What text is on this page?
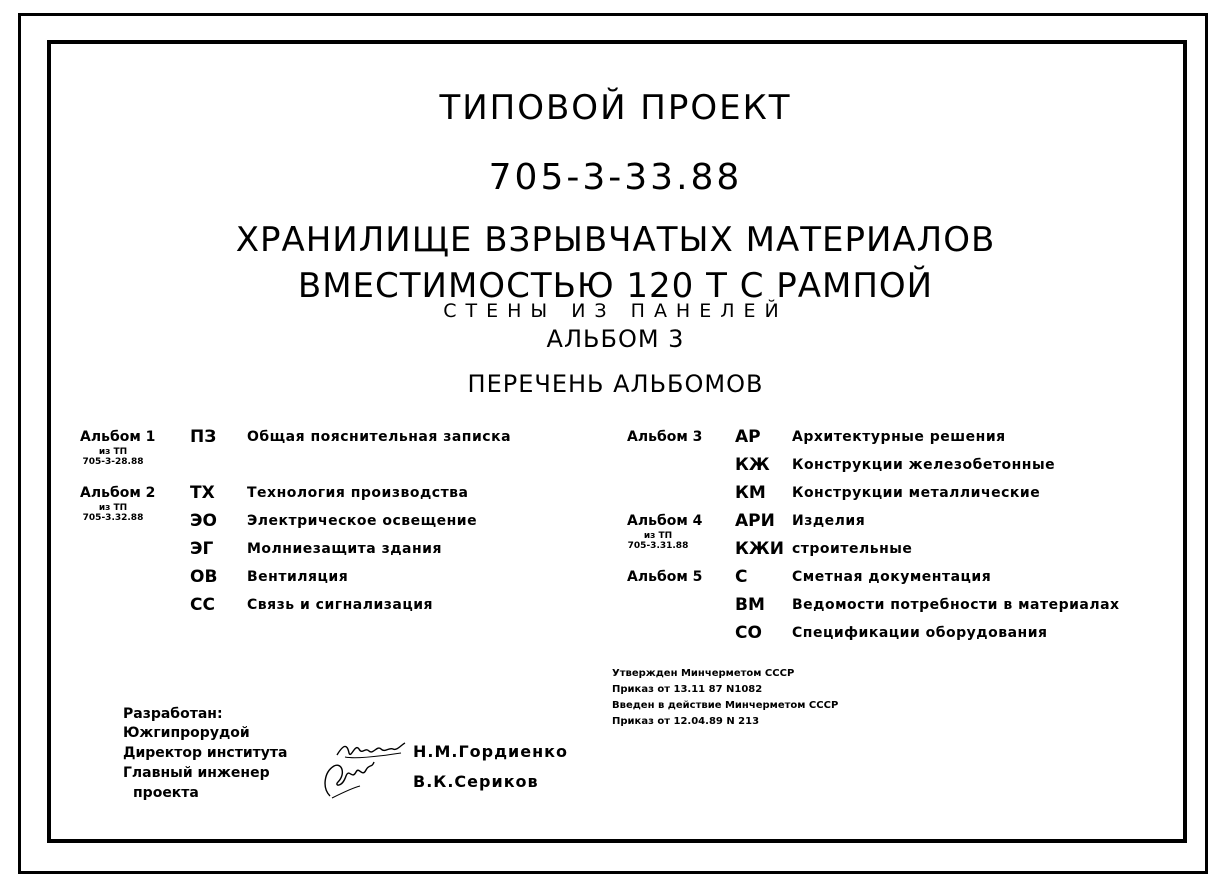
ТИПОВОЙ ПРОЕКТ
705-3-33.88
ХРАНИЛИЩЕ ВЗРЫВЧАТЫХ МАТЕРИАЛОВ
ВМЕСТИМОСТЬЮ 120 Т С РАМПОЙ
СТЕНЫ ИЗ ПАНЕЛЕЙ
АЛЬБОМ 3
ПЕРЕЧЕНЬ АЛЬБОМОВ
Альбом 1
из ТП
705-3-28.88
Альбом 2
из ТП
705-3.32.88
ПЗ Общая пояснительная записка
ТХ Технология производства
ЭО Электрическое освещение
ЭГ Молниезащита здания
ОВ Вентиляция
СС Связь и сигнализация
Альбом 3
Альбом 4
из ТП
705-3.31.88
Альбом 5
АР Архитектурные решения
КЖ Конструкции железобетонные
КМ Конструкции металлические
АРИ Изделия
КЖИ строительные
С	Сметная документация
ВМ Ведомости потребности в материалах
СО Спецификации оборудования
Утвержден Минчерметом СССР
Приказ от 13.11 87 N1082
Введен в действие Минчерметом СССР
Приказ от 12.04.89 N 213
Разработан:
Южгипрорудой
Директор института
Главный инженер
проекта
Н.М.Гордиенко
В.К.Сериков
